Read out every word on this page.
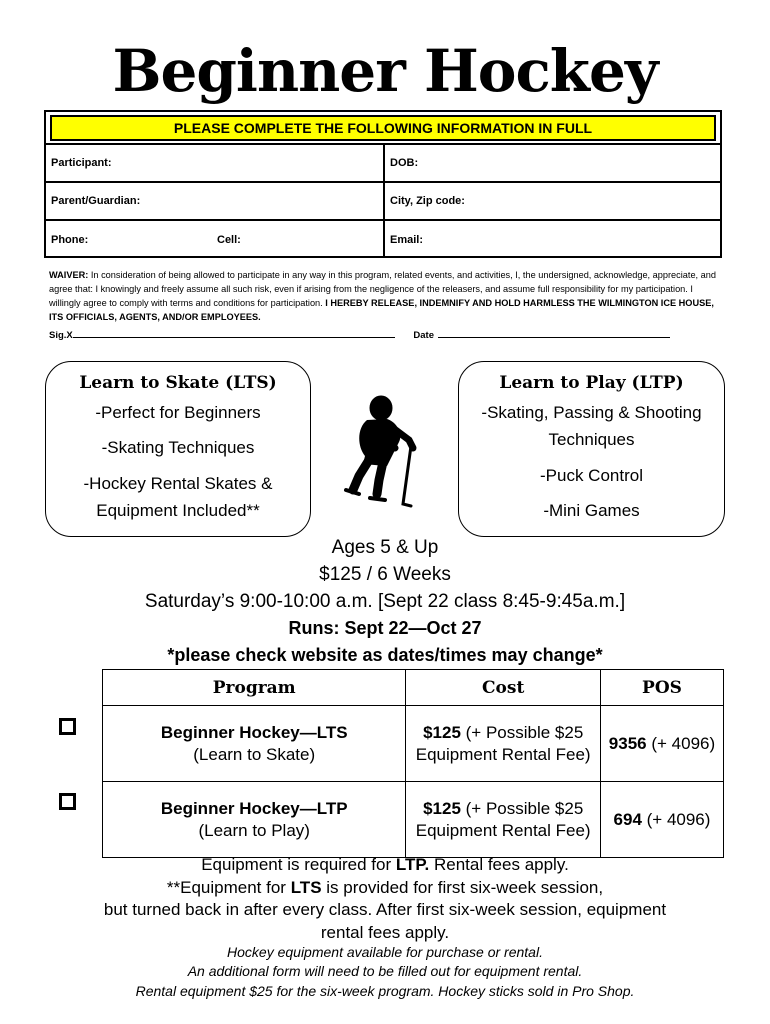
Beginner Hockey
PLEASE COMPLETE THE FOLLOWING INFORMATION IN FULL
Participant:	DOB:
Parent/Guardian:	City, Zip code:
Phone:	Cell:	Email:
WAIVER: In consideration of being allowed to participate in any way in this program, related events, and activities, I, the undersigned, acknowledge, appreciate, and agree that: I knowingly and freely assume all such risk, even if arising from the negligence of the releasers, and assume full responsibility for my participation. I willingly agree to comply with terms and conditions for participation. I HEREBY RELEASE, INDEMNIFY AND HOLD HARMLESS THE WILMINGTON ICE HOUSE, ITS OFFICIALS, AGENTS, AND/OR EMPLOYEES.
Sig.X	Date
Learn to Skate (LTS)
-Perfect for Beginners
-Skating Techniques
-Hockey Rental Skates &
Equipment Included**
Learn to Play (LTP)
-Skating, Passing & Shooting
Techniques
-Puck Control
-Mini Games
Ages 5 & Up
$125 / 6 Weeks
Saturday’s 9:00-10:00 a.m. [Sept 22 class 8:45-9:45a.m.]
Runs: Sept 22—Oct 27
*please check website as dates/times may change*
Program	Cost	POS
Beginner Hockey—LTS
(Learn to Skate)	$125 (+ Possible $25 Equipment Rental Fee)	9356 (+ 4096)
Beginner Hockey—LTP
(Learn to Play)	$125 (+ Possible $25 Equipment Rental Fee)	694 (+ 4096)
Equipment is required for LTP. Rental fees apply.
**Equipment for LTS is provided for first six-week session,
but turned back in after every class. After first six-week session, equipment
rental fees apply.
Hockey equipment available for purchase or rental.
An additional form will need to be filled out for equipment rental.
Rental equipment $25 for the six-week program. Hockey sticks sold in Pro Shop.
